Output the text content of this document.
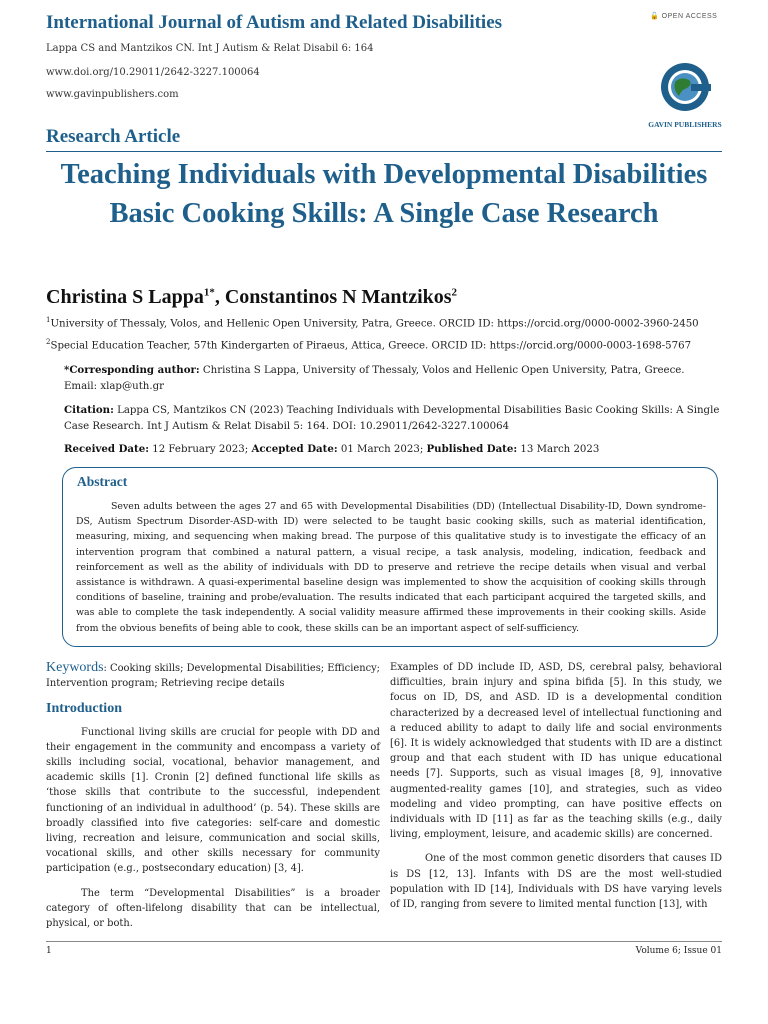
International Journal of Autism and Related Disabilities
Lappa CS and Mantzikos CN. Int J Autism & Relat Disabil 6: 164
www.doi.org/10.29011/2642-3227.100064
www.gavinpublishers.com
🔓 OPEN ACCESS
GAVIN PUBLISHERS
Research Article
Teaching Individuals with Developmental Disabilities Basic Cooking Skills: A Single Case Research
Christina S Lappa$^{1*}$, Constantinos N Mantzikos$^2$
$^1$University of Thessaly, Volos, and Hellenic Open University, Patra, Greece. ORCID ID: https://orcid.org/0000-0002-3960-2450
$^2$Special Education Teacher, 57th Kindergarten of Piraeus, Attica, Greece. ORCID ID: https://orcid.org/0000-0003-1698-5767
*Corresponding author: Christina S Lappa, University of Thessaly, Volos and Hellenic Open University, Patra, Greece. Email: xlap@uth.gr
Citation: Lappa CS, Mantzikos CN (2023) Teaching Individuals with Developmental Disabilities Basic Cooking Skills: A Single Case Research. Int J Autism & Relat Disabil 5: 164. DOI: 10.29011/2642-3227.100064
Received Date: 12 February 2023; Accepted Date: 01 March 2023; Published Date: 13 March 2023
Abstract
Seven adults between the ages 27 and 65 with Developmental Disabilities (DD) (Intellectual Disability-ID, Down syndrome- DS, Autism Spectrum Disorder-ASD-with ID) were selected to be taught basic cooking skills, such as material identification, measuring, mixing, and sequencing when making bread. The purpose of this qualitative study is to investigate the efficacy of an intervention program that combined a natural pattern, a visual recipe, a task analysis, modeling, indication, feedback and reinforcement as well as the ability of individuals with DD to preserve and retrieve the recipe details when visual and verbal assistance is withdrawn. A quasi-experimental baseline design was implemented to show the acquisition of cooking skills through conditions of baseline, training and probe/evaluation. The results indicated that each participant acquired the targeted skills, and was able to complete the task independently. A social validity measure affirmed these improvements in their cooking skills. Aside from the obvious benefits of being able to cook, these skills can be an important aspect of self-sufficiency.

Keywords: Cooking skills; Developmental Disabilities; Efficiency; Intervention program; Retrieving recipe details

Introduction

Functional living skills are crucial for people with DD and their engagement in the community and encompass a variety of skills including social, vocational, behavior management, and academic skills [1]. Cronin [2] defined functional life skills as ‘those skills that contribute to the successful, independent functioning of an individual in adulthood’ (p. 54). These skills are broadly classified into five categories: self-care and domestic living, recreation and leisure, communication and social skills, vocational skills, and other skills necessary for community participation (e.g., postsecondary education) [3, 4].

The term “Developmental Disabilities” is a broader category of often-lifelong disability that can be intellectual, physical, or both.

Examples of DD include ID, ASD, DS, cerebral palsy, behavioral difficulties, brain injury and spina bifida [5]. In this study, we focus on ID, DS, and ASD. ID is a developmental condition characterized by a decreased level of intellectual functioning and a reduced ability to adapt to daily life and social environments [6]. It is widely acknowledged that students with ID are a distinct group and that each student with ID has unique educational needs [7]. Supports, such as visual images [8, 9], innovative augmented-reality games [10], and strategies, such as video modeling and video prompting, can have positive effects on individuals with ID [11] as far as the teaching skills (e.g., daily living, employment, leisure, and academic skills) are concerned.

One of the most common genetic disorders that causes ID is DS [12, 13]. Infants with DS are the most well-studied population with ID [14], Individuals with DS have varying levels of ID, ranging from severe to limited mental function [13], with

1	Volume 6; Issue 01
